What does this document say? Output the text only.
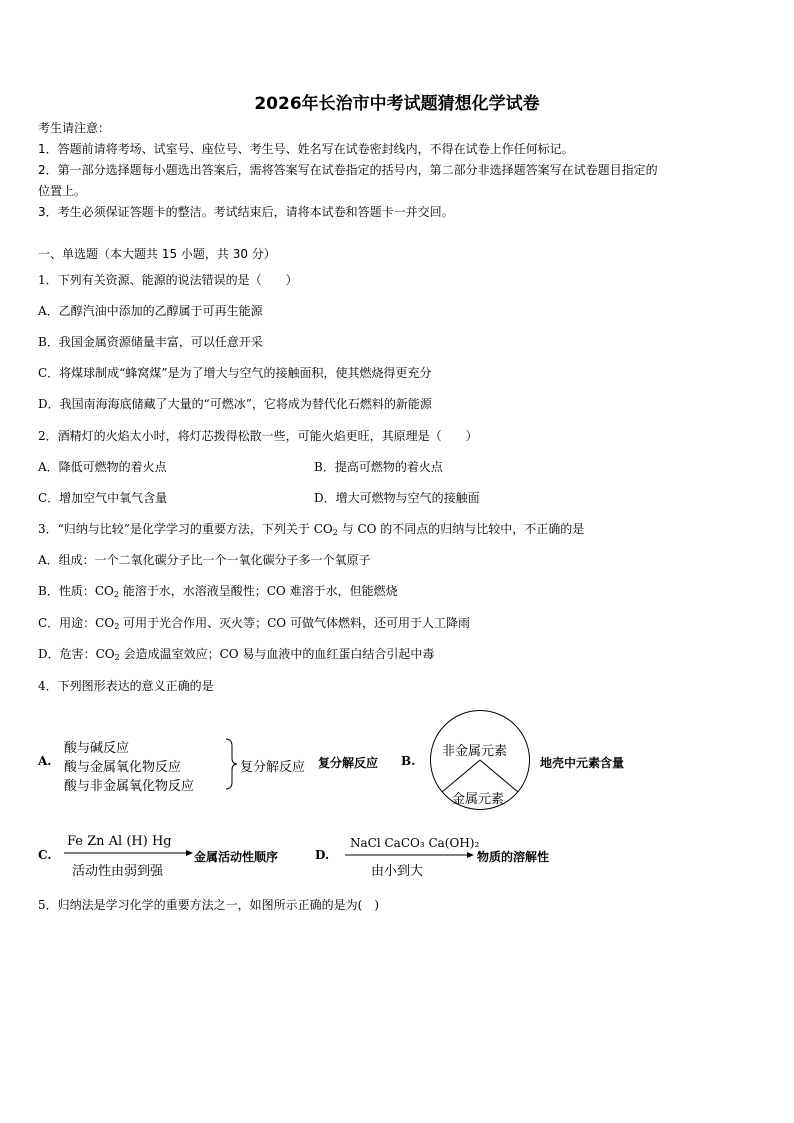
2026年长治市中考试题猜想化学试卷
考生请注意：
1．答题前请将考场、试室号、座位号、考生号、姓名写在试卷密封线内，不得在试卷上作任何标记。
2．第一部分选择题每小题选出答案后，需将答案写在试卷指定的括号内，第二部分非选择题答案写在试卷题目指定的
位置上。
3．考生必须保证答题卡的整洁。考试结束后，请将本试卷和答题卡一并交回。
一、单选题（本大题共 15 小题，共 30 分）
1．下列有关资源、能源的说法错误的是（　　）
A．乙醇汽油中添加的乙醇属于可再生能源
B．我国金属资源储量丰富，可以任意开采
C．将煤球制成“蜂窝煤”是为了增大与空气的接触面积，使其燃烧得更充分
D．我国南海海底储藏了大量的“可燃冰”，它将成为替代化石燃料的新能源
2．酒精灯的火焰太小时，将灯芯拨得松散一些，可能火焰更旺，其原理是（　　）
A．降低可燃物的着火点	B．提高可燃物的着火点
C．增加空气中氧气含量	D．增大可燃物与空气的接触面
3．“归纳与比较”是化学学习的重要方法，下列关于 $CO_2$ 与 CO 的不同点的归纳与比较中，不正确的是
A．组成：一个二氧化碳分子比一个一氧化碳分子多一个氧原子
B．性质：$CO_2$ 能溶于水，水溶液呈酸性；CO 难溶于水，但能燃烧
C．用途：$CO_2$ 可用于光合作用、灭火等；CO 可做气体燃料，还可用于人工降雨
D．危害：$CO_2$ 会造成温室效应；CO 易与血液中的血红蛋白结合引起中毒
4．下列图形表达的意义正确的是
A.
酸与碱反应
酸与金属氧化物反应
酸与非金属氧化物反应
复分解反应 复分解反应 B.
非金属元素
金属元素
地壳中元素含量
C.
Fe Zn Al (H) Hg
活动性由弱到强
金属活动性顺序	D.
NaCl CaCO₃ Ca(OH)₂
由小到大
物质的溶解性
5．归纳法是学习化学的重要方法之一，如图所示正确的是为(　)
